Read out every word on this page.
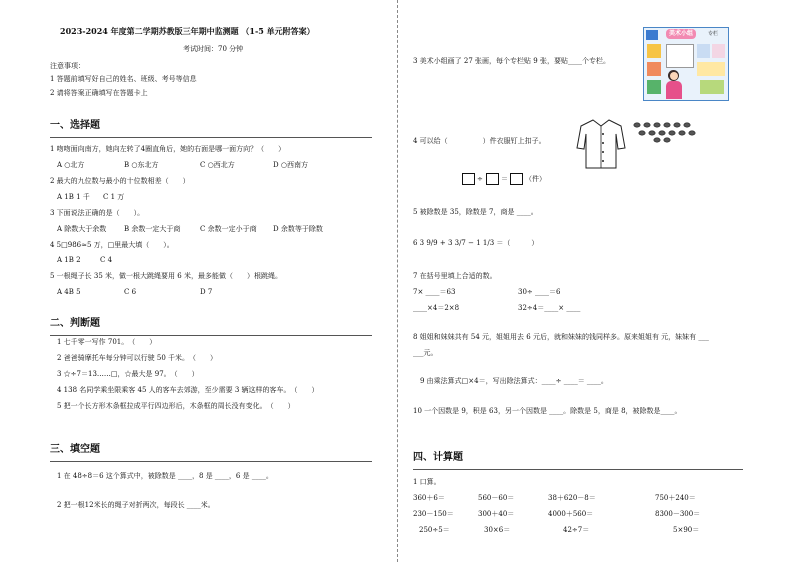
2023-2024 年度第二学期苏教版三年期中监测题 （1-5 单元附答案）
考试时间：70 分钟
注意事项：
1 答题前填写好自己的姓名、班级、考号等信息
2 请将答案正确填写在答题卡上
一、选择题
1 吻吻面向南方，她向左转了4圈直角后，她的右面是哪一面方向？（　　）
A ○北方	B ○东北方	C ○西北方	D ○西南方
2 最大的九位数与最小的十位数相差（　　）
A 1B 1 千 C 1 万
3 下面说法正确的是（　　）。
A 除数大于余数	B 余数一定大于商	C 余数一定小于商 D 余数等于除数
4 5□986≈5 万，□里最大填（　　）。
A 1B 2	C 4
5 一根绳子长 35 米，做一根大跳绳要用 6 米，最多能做（　　）根跳绳。
A 4B 5	C 6	D 7
二、判断题
1 七千零一写作 701。　（　　）
2 爸爸骑摩托车每分钟可以行驶 50 千米。　（　　）
3 ☆÷7＝13……□，☆最大是 97。　（　　）
4 138 名同学乘坐限乘客 45 人的客车去郊游，至少需要 3 辆这样的客车。　（　　）
5 把一个长方形木条框拉成平行四边形后，木条框的周长没有变化。　（　　）
三、填空题
1 在 48÷8＝6 这个算式中，被除数是 ____，8 是 ____，6 是 ____。
2 把一根12米长的绳子对折两次，每段长 ____米。
3 美术小组画了 27 张画，每个专栏贴 9 张，要贴____个专栏。
美术小组	专栏
4 可以给（　　　　　）件衣服钉上扣子。
÷	＝ （件）
5 被除数是 35，除数是 7，商是 ____。
6 3 9/9 + 3 3/7 − 1 1/3 ＝（　　　）
7 在括号里填上合适的数。
7× ____＝63	30÷ ____＝6
____×4＝2×8	32÷4＝____× ____
8 姐姐和妹妹共有 54 元，姐姐用去 6 元后，就和妹妹的钱同样多。原来姐姐有 元，妹妹有 ___
___元。
9 由乘法算式□×4＝，写出除法算式：____÷ ____＝ ____。
10 一个因数是 9，积是 63，另一个因数是 ____。除数是 5，商是 8，被除数是____。
四、计算题
1 口算。
360＋6＝	560－60＝	38＋620－8＝	750＋240＝
230－150＝	300＋40＝	4000＋560＝	8300－300＝
250÷5＝	30×6＝	42÷7＝	5×90＝
